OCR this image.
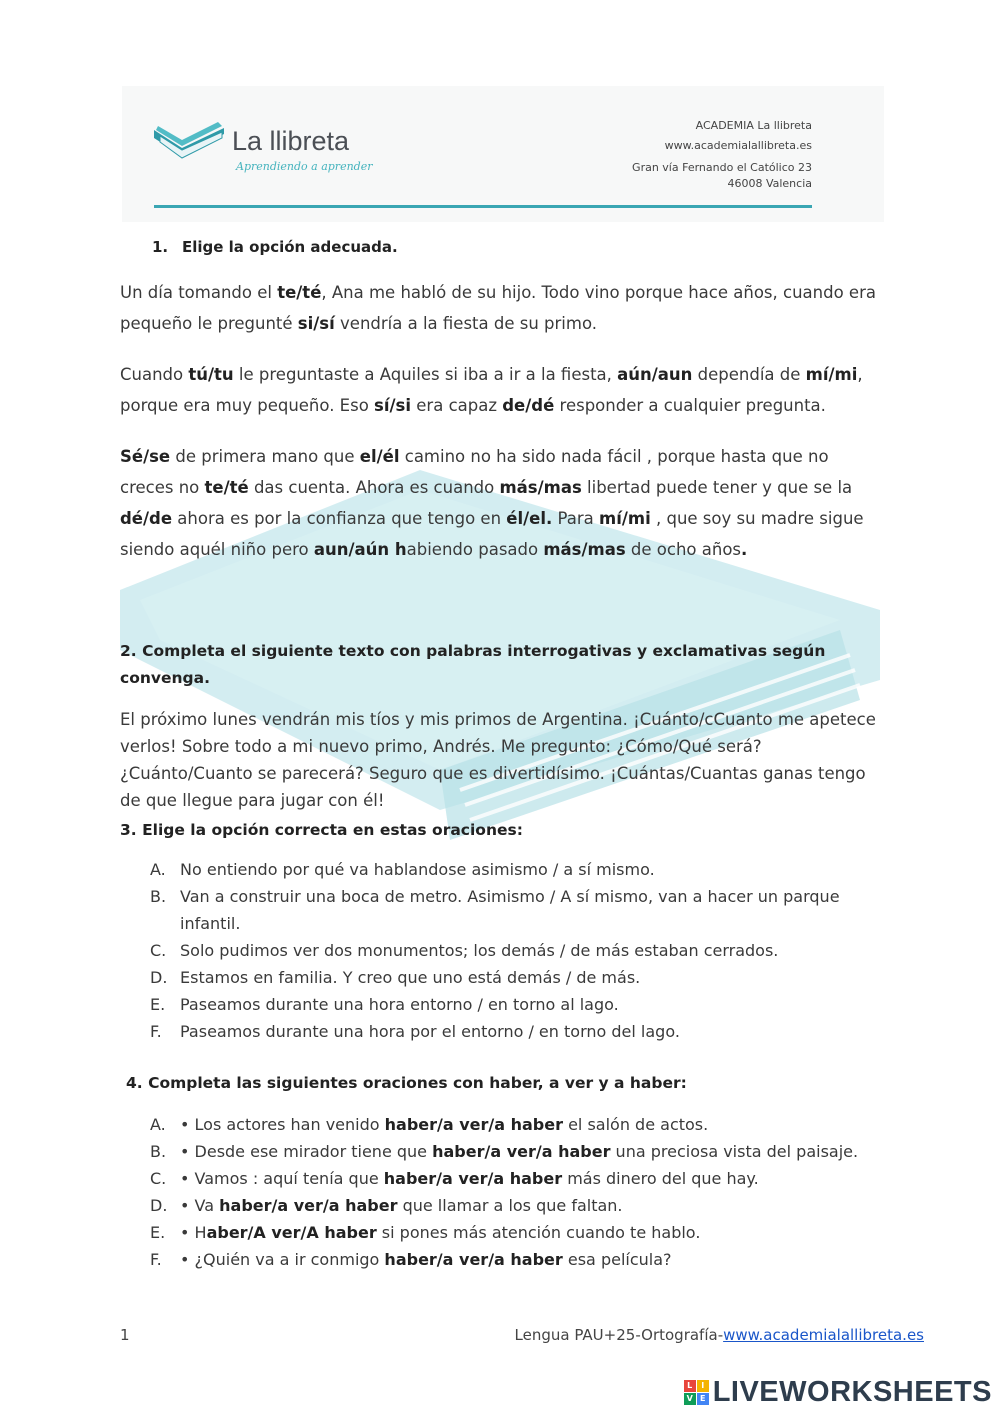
La llibreta
Aprendiendo a aprender
ACADEMIA La llibreta
www.academialallibreta.es
Gran vía Fernando el Católico 23
46008 Valencia
1. Elige la opción adecuada.
Un día tomando el te/té, Ana me habló de su hijo. Todo vino porque hace años, cuando era pequeño le pregunté si/sí vendría a la fiesta de su primo.
Cuando tú/tu le preguntaste a Aquiles si iba a ir a la fiesta, aún/aun dependía de mí/mi, porque era muy pequeño. Eso sí/si era capaz de/dé responder a cualquier pregunta.
Sé/se de primera mano que el/él camino no ha sido nada fácil , porque hasta que no creces no te/té das cuenta. Ahora es cuando más/mas libertad puede tener y que se la dé/de ahora es por la confianza que tengo en él/el. Para mí/mi , que soy su madre sigue siendo aquél niño pero aun/aún habiendo pasado más/mas de ocho años.
2. Completa el siguiente texto con palabras interrogativas y exclamativas según convenga.
El próximo lunes vendrán mis tíos y mis primos de Argentina. ¡Cuánto/cCuanto me apetece verlos! Sobre todo a mi nuevo primo, Andrés. Me pregunto: ¿Cómo/Qué será? ¿Cuánto/Cuanto se parecerá? Seguro que es divertidísimo. ¡Cuántas/Cuantas ganas tengo de que llegue para jugar con él!
3. Elige la opción correcta en estas oraciones:
A. No entiendo por qué va hablandose asimismo / a sí mismo.
B. Van a construir una boca de metro. Asimismo / A sí mismo, van a hacer un parque infantil.
C. Solo pudimos ver dos monumentos; los demás / de más estaban cerrados.
D. Estamos en familia. Y creo que uno está demás / de más.
E. Paseamos durante una hora entorno / en torno al lago.
F.	Paseamos durante una hora por el entorno / en torno del lago.
4. Completa las siguientes oraciones con haber, a ver y a haber:
A. • Los actores han venido haber/a ver/a haber el salón de actos.
B. • Desde ese mirador tiene que haber/a ver/a haber una preciosa vista del paisaje.
C. • Vamos : aquí tenía que haber/a ver/a haber más dinero del que hay.
D. • Va haber/a ver/a haber que llamar a los que faltan.
E. • Haber/A ver/A haber si pones más atención cuando te hablo.
F.	• ¿Quién va a ir conmigo haber/a ver/a haber esa película?
1	Lengua PAU+25-Ortografía-www.academialallibreta.es
L	I
V E LIVEWORKSHEETS
